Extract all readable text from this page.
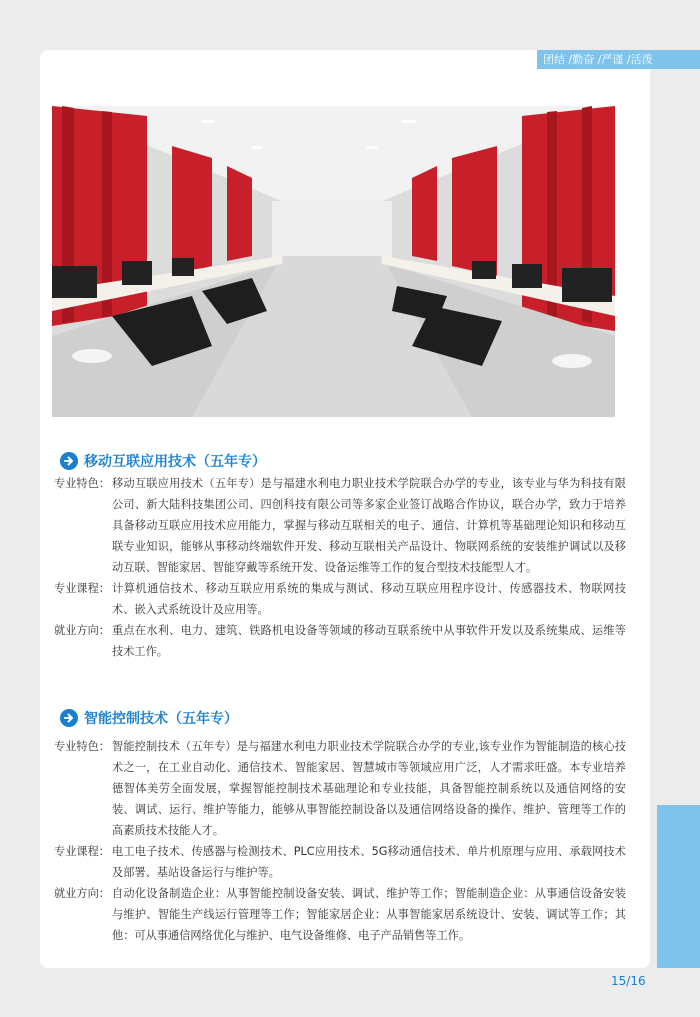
团结 /勤奋 /严谨 /活泼
移动互联应用技术（五年专）
专业特色： 移动互联应用技术（五年专）是与福建水利电力职业技术学院联合办学的专业，该专业与华为科技有限公司、新大陆科技集团公司、四创科技有限公司等多家企业签订战略合作协议，联合办学，致力于培养具备移动互联应用技术应用能力，掌握与移动互联相关的电子、通信、计算机等基础理论知识和移动互联专业知识，能够从事移动终端软件开发、移动互联相关产品设计、物联网系统的安装维护调试以及移动互联、智能家居、智能穿戴等系统开发、设备运维等工作的复合型技术技能型人才。
专业课程： 计算机通信技术、移动互联应用系统的集成与测试、移动互联应用程序设计、传感器技术、物联网技术、嵌入式系统设计及应用等。
就业方向： 重点在水利、电力、建筑、铁路机电设备等领域的移动互联系统中从事软件开发以及系统集成、运维等技术工作。
智能控制技术（五年专）
专业特色： 智能控制技术（五年专）是与福建水利电力职业技术学院联合办学的专业,该专业作为智能制造的核心技术之一，在工业自动化、通信技术、智能家居、智慧城市等领域应用广泛，人才需求旺盛。本专业培养德智体美劳全面发展，掌握智能控制技术基础理论和专业技能，具备智能控制系统以及通信网络的安装、调试、运行、维护等能力，能够从事智能控制设备以及通信网络设备的操作、维护、管理等工作的高素质技术技能人才。
专业课程： 电工电子技术、传感器与检测技术、PLC应用技术、5G移动通信技术、单片机原理与应用、承载网技术及部署、基站设备运行与维护等。
就业方向： 自动化设备制造企业：从事智能控制设备安装、调试、维护等工作；智能制造企业：从事通信设备安装与维护、智能生产线运行管理等工作；智能家居企业：从事智能家居系统设计、安装、调试等工作；其他：可从事通信网络优化与维护、电气设备维修、电子产品销售等工作。
15/16
